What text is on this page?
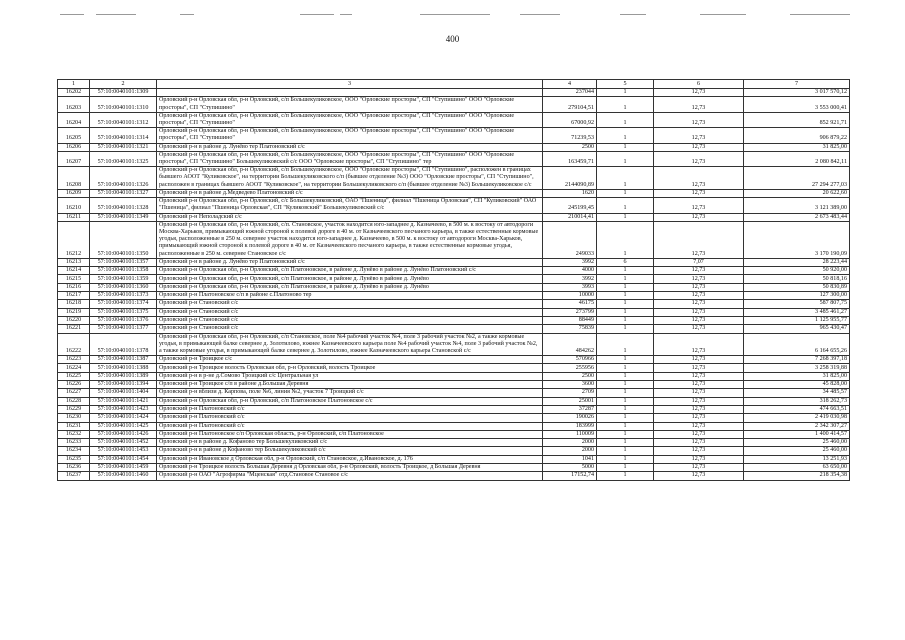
400
1	2	3	4	5	6	7
16202	57:10:0040101:1309		237044	1	12,73	3 017 570,12
16203	57:10:0040101:1310	Орловский р-н Орловская обл, р-н Орловский, с/п Большекуликовское, ООО "Орловские просторы", СП "Ступишино" ООО "Орловские просторы", СП "Ступишино"	279104,51	1	12,73	3 553 000,41
16204	57:10:0040101:1312	Орловский р-н Орловская обл, р-н Орловский, с/п Большекуликовское, ООО "Орловские просторы", СП "Ступишино" ООО "Орловские просторы", СП "Ступишино"	67000,92	1	12,73	852 921,71
16205	57:10:0040101:1314	Орловский р-н Орловская обл, р-н Орловский, с/п Большекуликовское, ООО "Орловские просторы", СП "Ступишино" ООО "Орловские просторы", СП "Ступишино"	71239,53	1	12,73	906 879,22
16206	57:10:0040101:1321	Орловский р-н в районе д. Лунёво тер Платоновский с/с	2500	1	12,73	31 825,00
16207	57:10:0040101:1325	Орловский р-н Орловская обл, р-н Орловский, с/п Большекуликовское, ООО "Орловские просторы", СП "Ступишино" ООО "Орловские просторы", СП "Ступишино" Большекуликовский с/с ООО "Орловские просторы", СП "Ступишино" тер	163459,71	1	12,73	2 080 842,11
16208	57:10:0040101:1326	Орловский р-н Орловская обл, р-н Орловский, с/п Большекуликовское, ООО "Орловские просторы", СП "Ступишино", расположен в границах бывшего АООТ "Куликовское", на территории Большекуликовского с/п (бывшее отделение №3) ООО "Орловские просторы", СП "Ступишино", расположен в границах бывшего АООТ "Куликовское", на территории Большекуликовского с/п (бывшее отделение №3) Большекуликовское с/с	2144090,89	1	12,73	27 294 277,03
16209	57:10:0040101:1327	Орловский р-н в районе д.Медведево Платоновский с/с	1620	1	12,73	20 622,60
16210	57:10:0040101:1328	Орловский р-н Орловская обл, р-н Орловский, с/с Большекуликовский, ОАО "Пшеница", филиал "Пшеница Орловская", СП "Куликовский" ОАО "Пшеница", филиал "Пшеница Орловская", СП "Куликовский" Большекуликовский с/с	245199,45	1	12,73	3 121 389,00
16211	57:10:0040101:1349	Орловский р-н Неполадский с/с	210014,41	1	12,73	2 673 483,44
16212	57:10:0040101:1350	Орловский р-н Орловская обл, р-н Орловский, с/п. Становское, участок находится юго-западнее д. Казначеево, в 500 м. к востоку от автодороги Москва-Харьков, примыкающий южной стороной к полевой дороге в 40 м. от Казначеевского песчаного карьера, в также естественные кормовые угодья, расположенные в 250 м. севернее участок находится юго-западнее д. Казначеево, в 500 м. к востоку от автодороги Москва-Харьков, примыкающий южной стороной к полевой дороге в 40 м. от Казначеевского песчаного карьера, в также естественные кормовые угодья, расположенные в 250 м. севернее Становское с/с	249033	1	12,73	3 170 190,09
16213	57:10:0040101:1357	Орловский р-н в районе д. Лунёво тер Платоновский с/с	3992	6	7,07	28 223,44
16214	57:10:0040101:1358	Орловский р-н Орловская обл, р-н Орловский, с/п Платоновское, в районе д. Лунёво в районе д. Лунёво Платоновский с/с	4000	1	12,73	50 920,00
16215	57:10:0040101:1359	Орловский р-н Орловская обл, р-н Орловский, с/п Платоновское, в районе д. Лунёво в районе д. Лунёво	3992	1	12,73	50 818,16
16216	57:10:0040101:1360	Орловский р-н Орловская обл, р-н Орловский, с/п Платоновское, в районе д. Лунёво в районе д. Лунёво	3993	1	12,73	50 830,89
16217	57:10:0040101:1373	Орловский р-н Платоновское с/п в районе с.Платоново тер	10000	1	12,73	127 300,00
16218	57:10:0040101:1374	Орловский р-н Становский с/с	46175	1	12,73	587 807,75
16219	57:10:0040101:1375	Орловский р-н Становский с/с	273799	1	12,73	3 485 461,27
16220	57:10:0040101:1376	Орловский р-н Становский с/с	88449	1	12,73	1 125 955,77
16221	57:10:0040101:1377	Орловский р-н Становский с/с	75839	1	12,73	965 430,47
16222	57:10:0040101:1378	Орловский р-н Орловская обл, р-н Орловский, с/п Становское, поле №4 рабочий участок №4, поле 3 рабочий участок №2, а также кормовые угодья, в примыкающей балке севернее д. Золотилово, южнее Казначеевского карьера поле №4 рабочий участок №4, поле 3 рабочий участок №2, а также кормовые угодья, в примыкающей балке севернее д. Золотилово, южнее Казначеевского карьера Становской с/с	484262	1	12,73	6 164 655,26
16223	57:10:0040101:1387	Орловский р-н Троицкое с/с	570966	1	12,73	7 268 397,18
16224	57:10:0040101:1388	Орловский р-н Троицкое волость Орловская обл, р-н Орловский, волость Троицкое	255956	1	12,73	3 258 319,88
16225	57:10:0040101:1389	Орловский р-н в р-не д.Сомово Троицкий с/с Центральная ул	2500	1	12,73	31 825,00
16226	57:10:0040101:1394	Орловский р-н Троицкое с/п в районе д.Большая Деревня	3600	1	12,73	45 828,00
16227	57:10:0040101:1404	Орловский р-н вблизи д. Карпова, поле №6, линия №2, участок 7 Троицкий с/с	2709	1	12,73	34 485,57
16228	57:10:0040101:1421	Орловский р-н Орловская обл, р-н Орловский, с/п Платоновское Платоновское с/с	25001	1	12,73	318 262,73
16229	57:10:0040101:1423	Орловский р-н Платоновский с/с	37287	1	12,73	474 663,51
16230	57:10:0040101:1424	Орловский р-н Платоновский с/с	190026	1	12,73	2 419 030,98
16231	57:10:0040101:1425	Орловский р-н Платоновский с/с	183999	1	12,73	2 342 307,27
16232	57:10:0040101:1426	Орловский р-н Платоновское с/п Орловская область, р-н Орловский, с/п Платоновское	110009	1	12,73	1 400 414,57
16233	57:10:0040101:1452	Орловский р-н в районе д. Кофаново тер Большекуликовский с/с	2000	1	12,73	25 460,00
16234	57:10:0040101:1453	Орловский р-н в районе д Кофаново тер Большекуликовский с/с	2000	1	12,73	25 460,00
16235	57:10:0040101:1454	Орловский р-н Ивановское д Орловская обл, р-н Орловский, с/п Становское, д.Ивановское, д. 176	1041	1	12,73	13 251,93
16236	57:10:0040101:1459	Орловский р-н Троицкое волость Большая Деревня д Орловская обл, р-н Орловский, волость Троицкое, д Большая Деревня	5000	1	12,73	63 650,00
16237	57:10:0040101:1460	Орловский р-н ОАО "Агрофирма "Мценская" отд.Становое Становое с/с	17152,74	1	12,73	218 354,38
